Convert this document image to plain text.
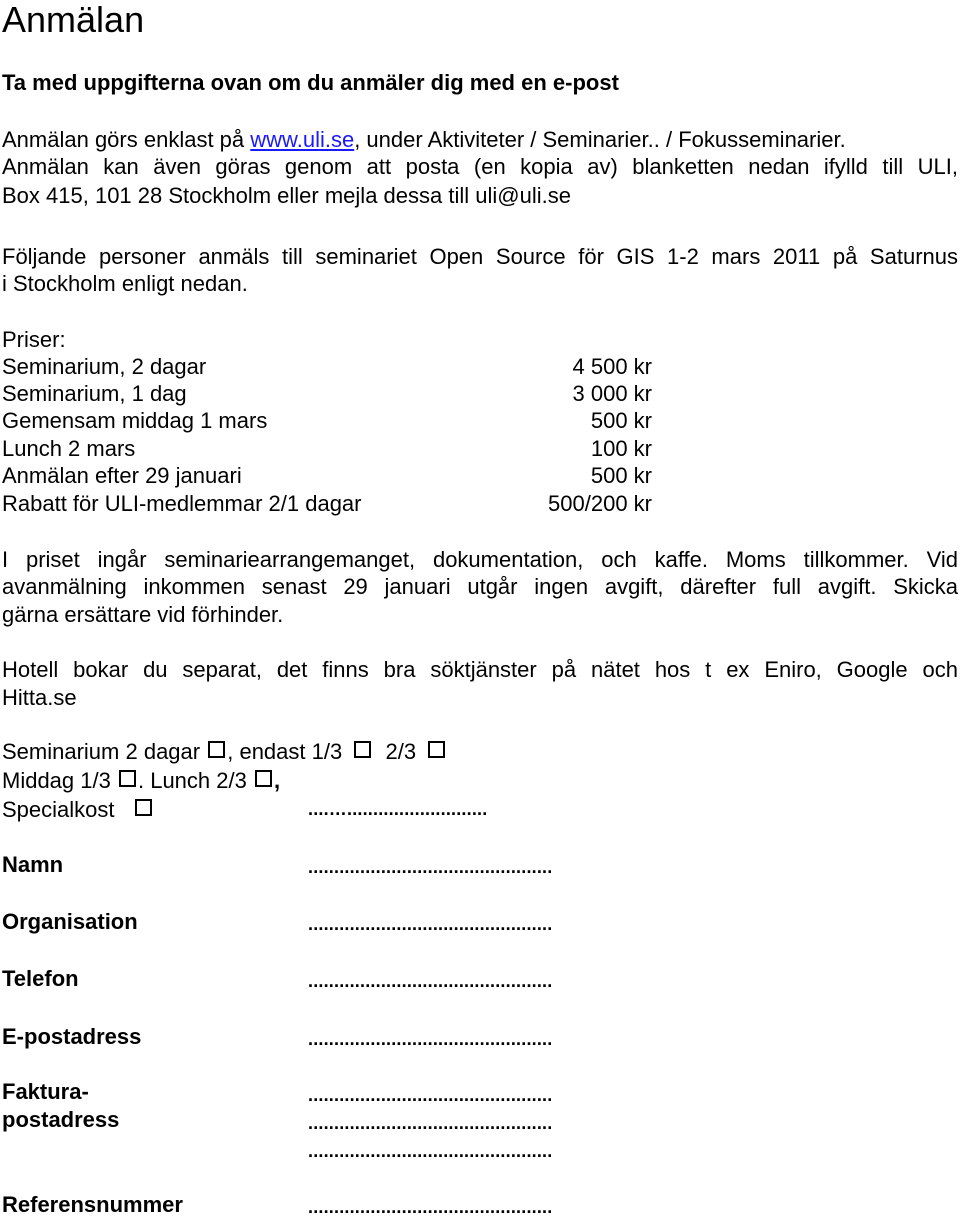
Anmälan
Ta med uppgifterna ovan om du anmäler dig med en e-post
Anmälan görs enklast på www.uli.se, under Aktiviteter / Seminarier.. / Fokusseminarier.
Anmälan kan även göras genom att posta (en kopia av) blanketten nedan ifylld till ULI,
Box 415, 101 28 Stockholm eller mejla dessa till uli@uli.se
Följande personer anmäls till seminariet Open Source för GIS 1-2 mars 2011 på Saturnus
i Stockholm enligt nedan.
Priser:
Seminarium, 2 dagar	4 500 kr
Seminarium, 1 dag	3 000 kr
Gemensam middag 1 mars	500 kr
Lunch 2 mars	100 kr
Anmälan efter 29 januari	500 kr
Rabatt för ULI-medlemmar 2/1 dagar	500/200 kr
I priset ingår seminariearrangemanget, dokumentation, och kaffe. Moms tillkommer. Vid
avanmälning inkommen senast 29 januari utgår ingen avgift, därefter full avgift. Skicka
gärna ersättare vid förhinder.
Hotell bokar du separat, det finns bra söktjänster på nätet hos t ex Eniro, Google och
Hitta.se
Seminarium 2 dagar , endast 1/3 2/3
Middag 1/3 . Lunch 2/3 ,
Specialkost	....…...........................
Namn	...............................................
Organisation	...............................................
Telefon	...............................................
E-postadress	...............................................
Faktura-
postadress
...............................................
...............................................
...............................................
Referensnummer	...............................................
